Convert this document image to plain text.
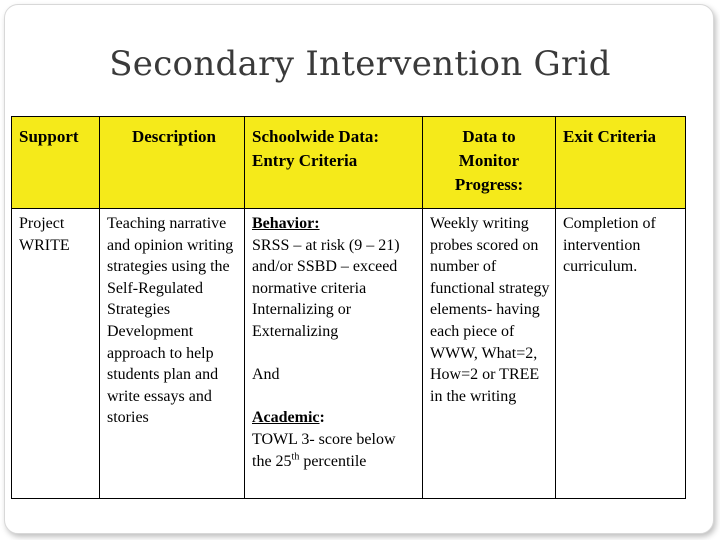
Secondary Intervention Grid
Support	Description	Schoolwide Data: Entry Criteria	Data to Monitor Progress:	Exit Criteria

Project WRITE	Teaching narrative and opinion writing strategies using the Self-Regulated Strategies Development approach to help students plan and write essays and stories	Behavior:
SRSS – at risk (9 – 21) and/or SSBD – exceed normative criteria Internalizing or Externalizing
And
Academic:
TOWL 3- score below the 25th percentile	Weekly writing probes scored on number of functional strategy elements- having each piece of WWW, What=2, How=2 or TREE in the writing	Completion of intervention curriculum.
